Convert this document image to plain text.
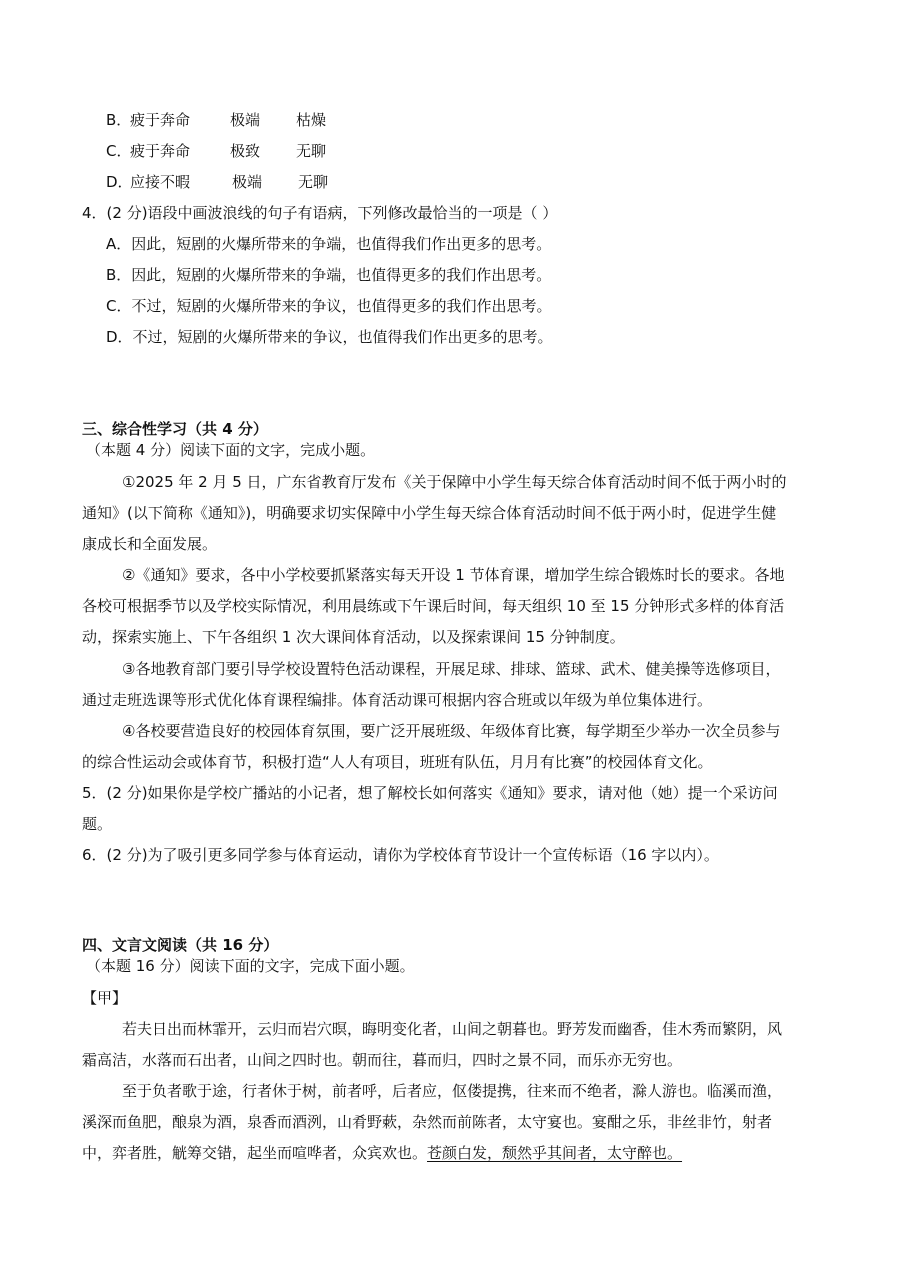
B．疲于奔命	极端 枯燥
C．疲于奔命	极致 无聊
D．应接不暇	极端 无聊
4．(2 分)语段中画波浪线的句子有语病，下列修改最恰当的一项是（ ）
A．因此，短剧的火爆所带来的争端，也值得我们作出更多的思考。
B．因此，短剧的火爆所带来的争端，也值得更多的我们作出思考。
C．不过，短剧的火爆所带来的争议，也值得更多的我们作出思考。
D．不过，短剧的火爆所带来的争议，也值得我们作出更多的思考。
三、综合性学习（共 4 分）
（本题 4 分）阅读下面的文字，完成小题。
①2025 年 2 月 5 日，广东省教育厅发布《关于保障中小学生每天综合体育活动时间不低于两小时的
通知》(以下简称《通知》)，明确要求切实保障中小学生每天综合体育活动时间不低于两小时，促进学生健
康成长和全面发展。
②《通知》要求，各中小学校要抓紧落实每天开设 1 节体育课，增加学生综合锻炼时长的要求。各地
各校可根据季节以及学校实际情况，利用晨练或下午课后时间，每天组织 10 至 15 分钟形式多样的体育活
动，探索实施上、下午各组织 1 次大课间体育活动，以及探索课间 15 分钟制度。
③各地教育部门要引导学校设置特色活动课程，开展足球、排球、篮球、武术、健美操等选修项目，
通过走班选课等形式优化体育课程编排。体育活动课可根据内容合班或以年级为单位集体进行。
④各校要营造良好的校园体育氛围，要广泛开展班级、年级体育比赛，每学期至少举办一次全员参与
的综合性运动会或体育节，积极打造“人人有项目，班班有队伍，月月有比赛”的校园体育文化。
5．(2 分)如果你是学校广播站的小记者，想了解校长如何落实《通知》要求，请对他（她）提一个采访问
题。
6．(2 分)为了吸引更多同学参与体育运动，请你为学校体育节设计一个宣传标语（16 字以内）。
四、文言文阅读（共 16 分）
（本题 16 分）阅读下面的文字，完成下面小题。
【甲】
若夫日出而林霏开，云归而岩穴暝，晦明变化者，山间之朝暮也。野芳发而幽香，佳木秀而繁阴，风
霜高洁，水落而石出者，山间之四时也。朝而往，暮而归，四时之景不同，而乐亦无穷也。
至于负者歌于途，行者休于树，前者呼，后者应，伛偻提携，往来而不绝者，滁人游也。临溪而渔，
溪深而鱼肥，酿泉为酒，泉香而酒洌，山肴野蔌，杂然而前陈者，太守宴也。宴酣之乐，非丝非竹，射者
中，弈者胜，觥筹交错，起坐而喧哗者，众宾欢也。苍颜白发，颓然乎其间者，太守醉也。
